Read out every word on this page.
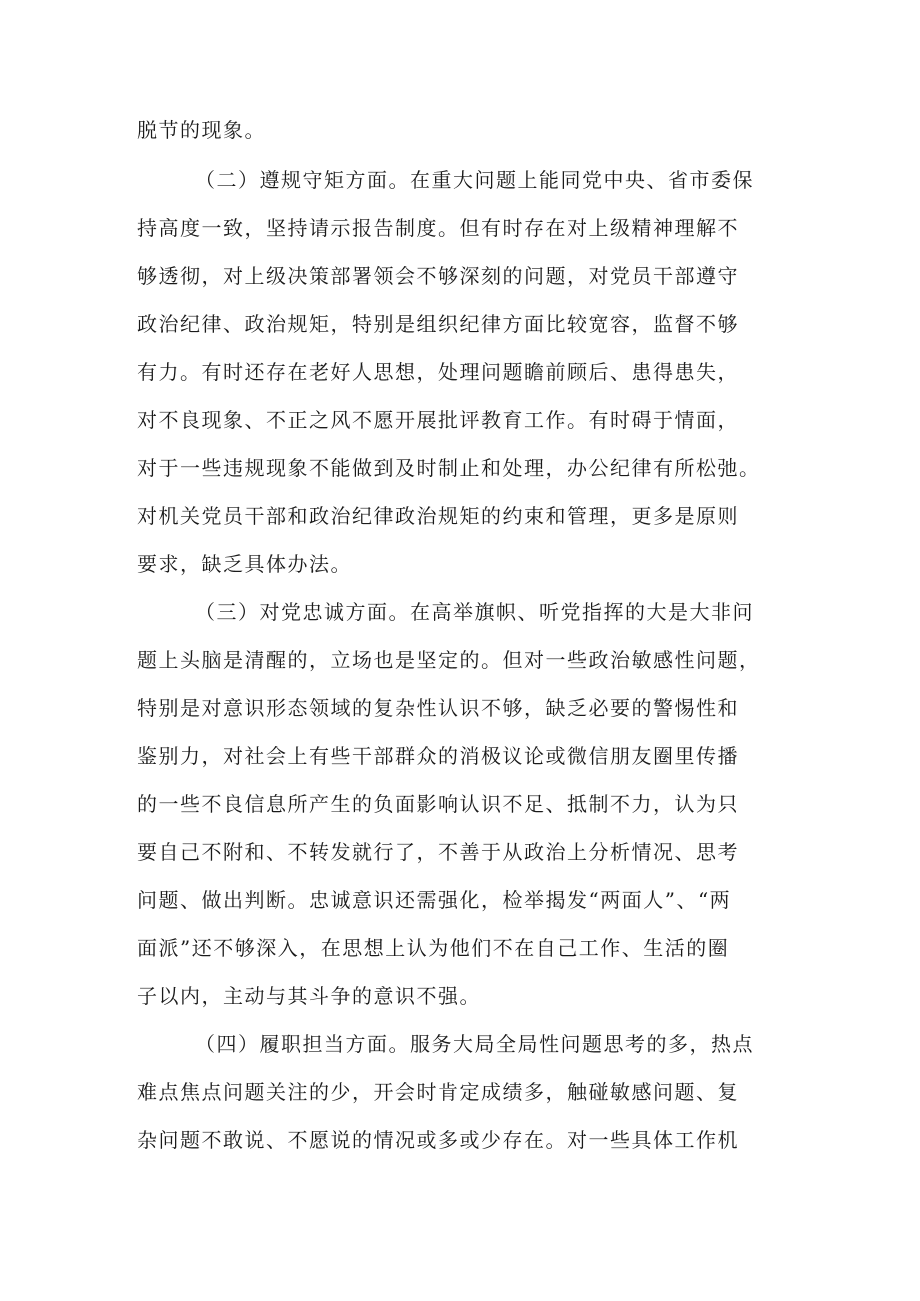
脱节的现象。
（二）遵规守矩方面。在重大问题上能同党中央、省市委保
持高度一致，坚持请示报告制度。但有时存在对上级精神理解不
够透彻，对上级决策部署领会不够深刻的问题，对党员干部遵守
政治纪律、政治规矩，特别是组织纪律方面比较宽容，监督不够
有力。有时还存在老好人思想，处理问题瞻前顾后、患得患失，
对不良现象、不正之风不愿开展批评教育工作。有时碍于情面，
对于一些违规现象不能做到及时制止和处理，办公纪律有所松弛。
对机关党员干部和政治纪律政治规矩的约束和管理，更多是原则
要求，缺乏具体办法。
（三）对党忠诚方面。在高举旗帜、听党指挥的大是大非问
题上头脑是清醒的，立场也是坚定的。但对一些政治敏感性问题，
特别是对意识形态领域的复杂性认识不够，缺乏必要的警惕性和
鉴别力，对社会上有些干部群众的消极议论或微信朋友圈里传播
的一些不良信息所产生的负面影响认识不足、抵制不力，认为只
要自己不附和、不转发就行了，不善于从政治上分析情况、思考
问题、做出判断。忠诚意识还需强化，检举揭发“两面人”、“两
面派”还不够深入，在思想上认为他们不在自己工作、生活的圈
子以内，主动与其斗争的意识不强。
（四）履职担当方面。服务大局全局性问题思考的多，热点
难点焦点问题关注的少，开会时肯定成绩多，触碰敏感问题、复
杂问题不敢说、不愿说的情况或多或少存在。对一些具体工作机
